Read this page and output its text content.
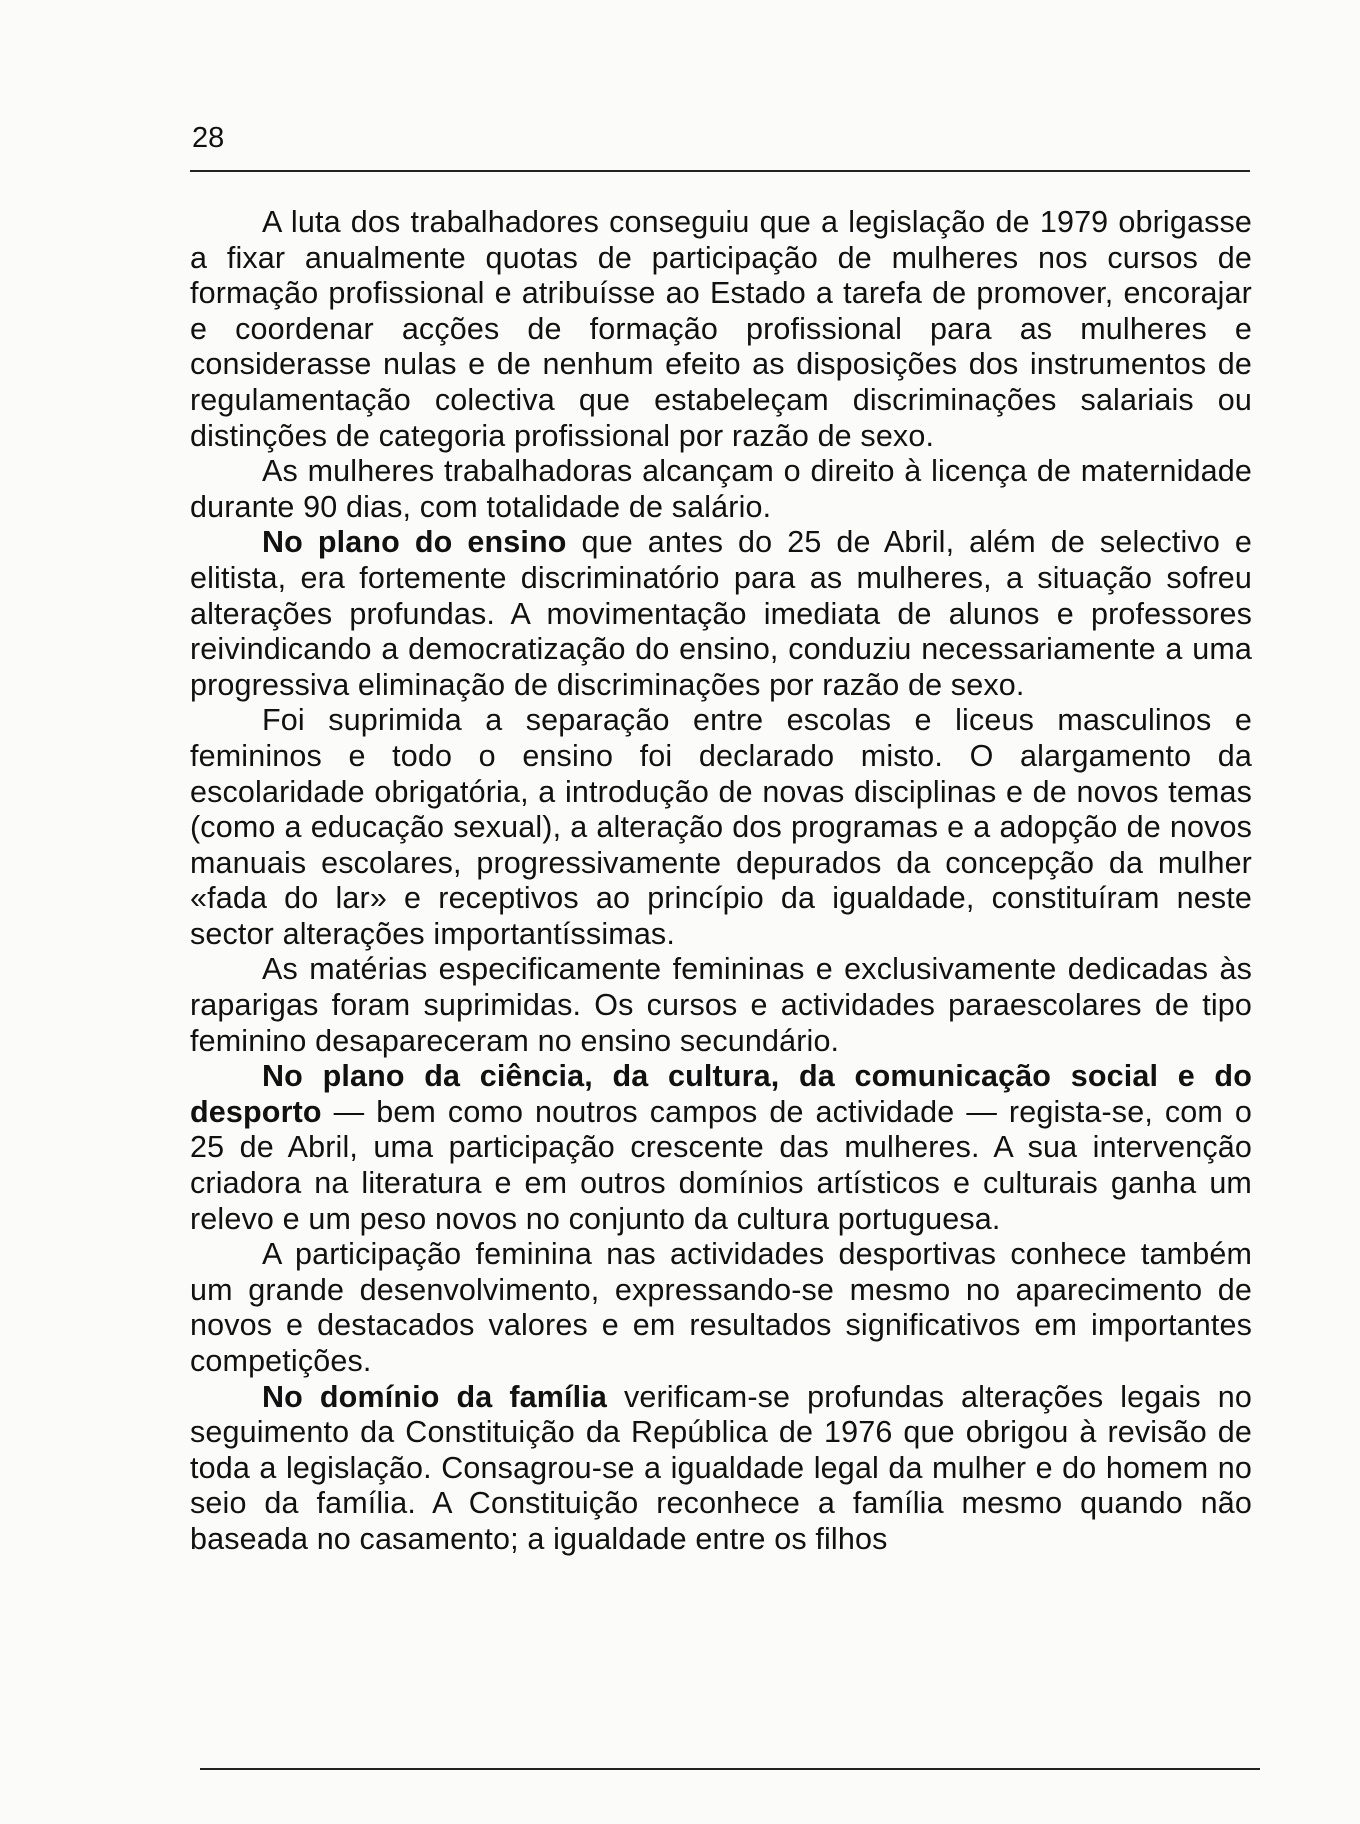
28

A luta dos trabalhadores conseguiu que a legislação de 1979 obrigasse a fixar anualmente quotas de participação de mulheres nos cursos de formação profissional e atribuísse ao Estado a tarefa de promover, encorajar e coordenar acções de formação profissional para as mulheres e considerasse nulas e de nenhum efeito as disposições dos instrumentos de regulamentação colectiva que estabeleçam discriminações salariais ou distinções de categoria profissional por razão de sexo.

As mulheres trabalhadoras alcançam o direito à licença de maternidade durante 90 dias, com totalidade de salário.

No plano do ensino que antes do 25 de Abril, além de selectivo e elitista, era fortemente discriminatório para as mulheres, a situação sofreu alterações profundas. A movimentação imediata de alunos e professores reivindicando a democratização do ensino, conduziu necessariamente a uma progressiva eliminação de discriminações por razão de sexo.

Foi suprimida a separação entre escolas e liceus masculinos e femininos e todo o ensino foi declarado misto. O alargamento da escolaridade obrigatória, a introdução de novas disciplinas e de novos temas (como a educação sexual), a alteração dos programas e a adopção de novos manuais escolares, progressivamente depurados da concepção da mulher «fada do lar» e receptivos ao princípio da igualdade, constituíram neste sector alterações importantíssimas.

As matérias especificamente femininas e exclusivamente dedicadas às raparigas foram suprimidas. Os cursos e actividades paraescolares de tipo feminino desapareceram no ensino secundário.

No plano da ciência, da cultura, da comunicação social e do desporto — bem como noutros campos de actividade — regista-se, com o 25 de Abril, uma participação crescente das mulheres. A sua intervenção criadora na literatura e em outros domínios artísticos e culturais ganha um relevo e um peso novos no conjunto da cultura portuguesa.

A participação feminina nas actividades desportivas conhece também um grande desenvolvimento, expressando-se mesmo no aparecimento de novos e destacados valores e em resultados significativos em importantes competições.

No domínio da família verificam-se profundas alterações legais no seguimento da Constituição da República de 1976 que obrigou à revisão de toda a legislação. Consagrou-se a igualdade legal da mulher e do homem no seio da família. A Constituição reconhece a família mesmo quando não baseada no casamento; a igualdade entre os filhos
